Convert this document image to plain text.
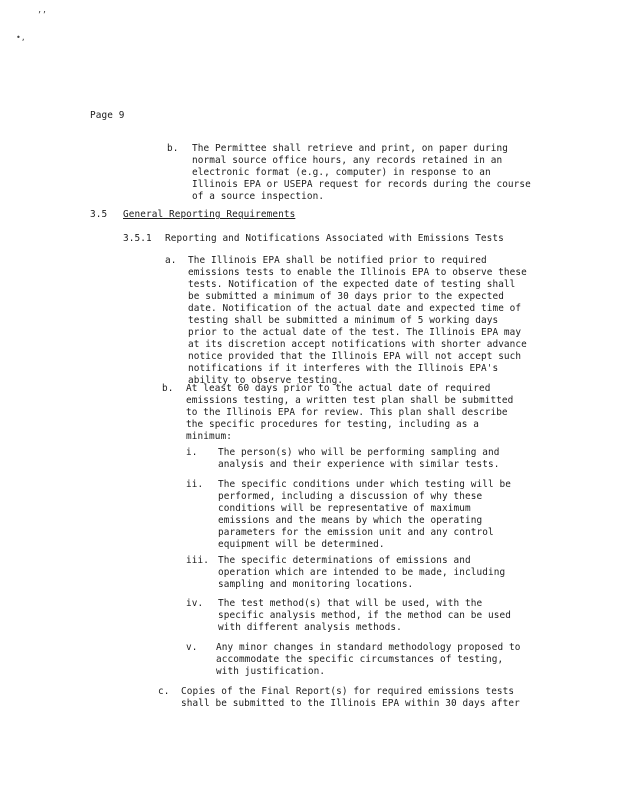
’’
•,
Page 9
b. The Permittee shall retrieve and print, on paper during
normal source office hours, any records retained in an
electronic format (e.g., computer) in response to an
Illinois EPA or USEPA request for records during the course
of a source inspection.
3.5 General Reporting Requirements
3.5.1 Reporting and Notifications Associated with Emissions Tests
a. The Illinois EPA shall be notified prior to required
emissions tests to enable the Illinois EPA to observe these
tests. Notification of the expected date of testing shall
be submitted a minimum of 30 days prior to the expected
date. Notification of the actual date and expected time of
testing shall be submitted a minimum of 5 working days
prior to the actual date of the test. The Illinois EPA may
at its discretion accept notifications with shorter advance
notice provided that the Illinois EPA will not accept such
notifications if it interferes with the Illinois EPA's
ability to observe testing.
b. At least 60 days prior to the actual date of required
emissions testing, a written test plan shall be submitted
to the Illinois EPA for review. This plan shall describe
the specific procedures for testing, including as a
minimum:
i. The person(s) who will be performing sampling and
analysis and their experience with similar tests.
ii. The specific conditions under which testing will be
performed, including a discussion of why these
conditions will be representative of maximum
emissions and the means by which the operating
parameters for the emission unit and any control
equipment will be determined.
iii. The specific determinations of emissions and
operation which are intended to be made, including
sampling and monitoring locations.
iv. The test method(s) that will be used, with the
specific analysis method, if the method can be used
with different analysis methods.
v. Any minor changes in standard methodology proposed to
accommodate the specific circumstances of testing,
with justification.
c. Copies of the Final Report(s) for required emissions tests
shall be submitted to the Illinois EPA within 30 days after
